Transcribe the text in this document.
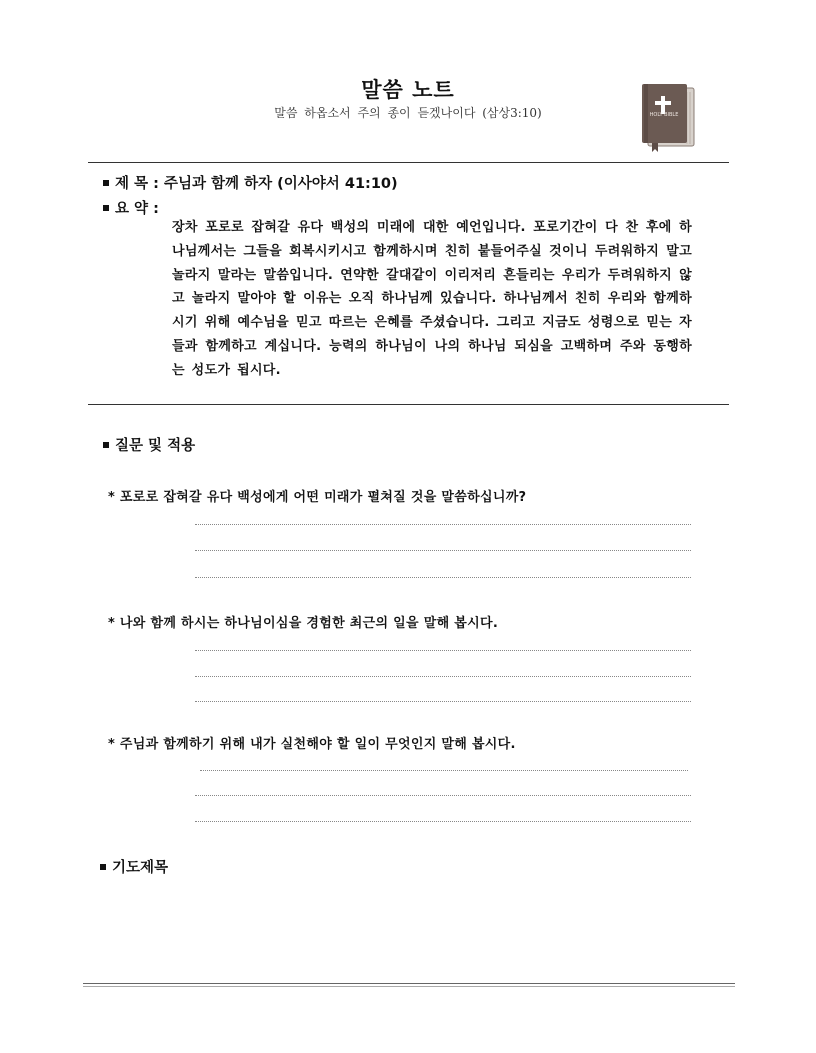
말씀 노트
말씀 하옵소서 주의 종이 듣겠나이다 (삼상3:10)	HOLY BIBLE
제 목 : 주님과 함께 하자 (이사야서 41:10)
요 약 :
장차 포로로 잡혀갈 유다 백성의 미래에 대한 예언입니다. 포로기간이 다 찬 후에 하나님께서는 그들을 회복시키시고 함께하시며 친히 붙들어주실 것이니 두려워하지 말고 놀라지 말라는 말씀입니다. 연약한 갈대같이 이리저리 흔들리는 우리가 두려워하지 않고 놀라지 말아야 할 이유는 오직 하나님께 있습니다. 하나님께서 친히 우리와 함께하시기 위해 예수님을 믿고 따르는 은혜를 주셨습니다. 그리고 지금도 성령으로 믿는 자들과 함께하고 계십니다. 능력의 하나님이 나의 하나님 되심을 고백하며 주와 동행하는 성도가 됩시다.
질문 및 적용
* 포로로 잡혀갈 유다 백성에게 어떤 미래가 펼쳐질 것을 말씀하십니까?
* 나와 함께 하시는 하나님이심을 경험한 최근의 일을 말해 봅시다.
* 주님과 함께하기 위해 내가 실천해야 할 일이 무엇인지 말해 봅시다.
기도제목
